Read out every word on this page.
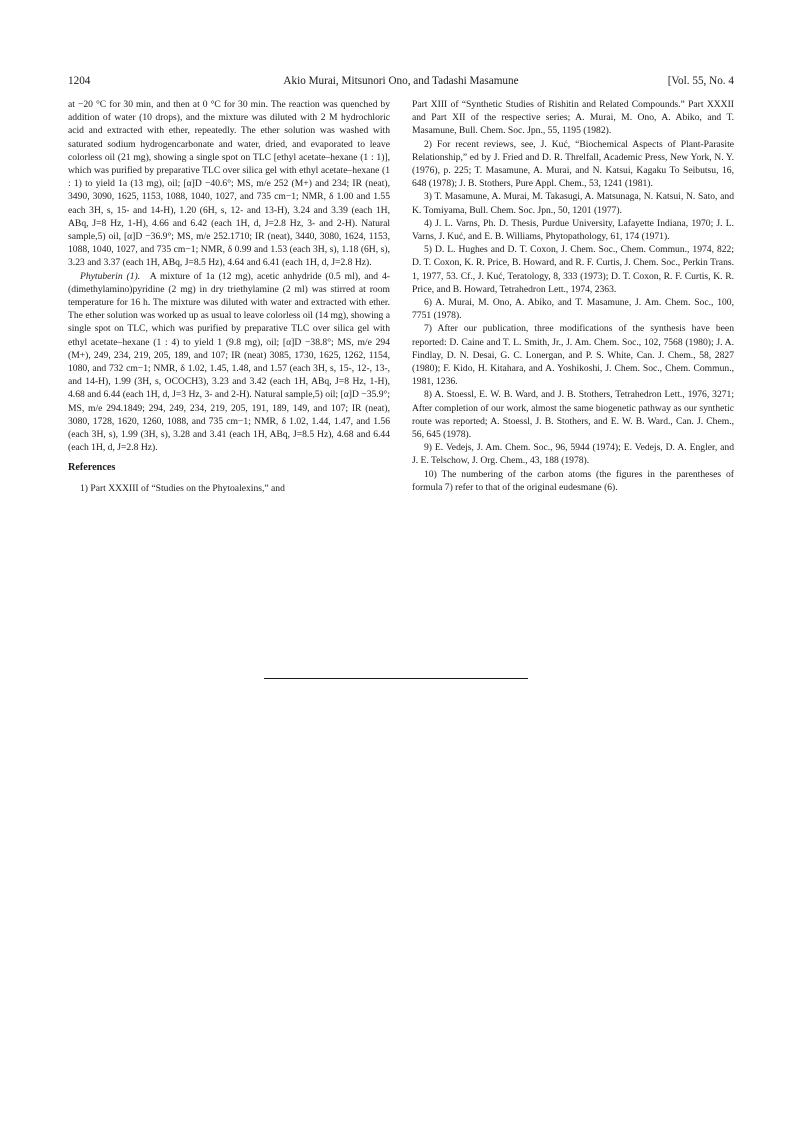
1204	Akio Murai, Mitsunori Ono, and Tadashi Masamune	[Vol. 55, No. 4

at −20 °C for 30 min, and then at 0 °C for 30 min. The reaction was quenched by addition of water (10 drops), and the mixture was diluted with 2 M hydrochloric acid and extracted with ether, repeatedly. The ether solution was washed with saturated sodium hydrogencarbonate and water, dried, and evaporated to leave colorless oil (21 mg), showing a single spot on TLC [ethyl acetate–hexane (1 : 1)], which was purified by preparative TLC over silica gel with ethyl acetate–hexane (1 : 1) to yield 1a (13 mg), oil; [α]D −40.6°; MS, m/e 252 (M+) and 234; IR (neat), 3490, 3090, 1625, 1153, 1088, 1040, 1027, and 735 cm−1; NMR, δ 1.00 and 1.55 each 3H, s, 15- and 14-H), 1.20 (6H, s, 12- and 13-H), 3.24 and 3.39 (each 1H, ABq, J=8 Hz, 1-H), 4.66 and 6.42 (each 1H, d, J=2.8 Hz, 3- and 2-H). Natural sample,5) oil, [α]D −36.9°; MS, m/e 252.1710; IR (neat), 3440, 3080, 1624, 1153, 1088, 1040, 1027, and 735 cm−1; NMR, δ 0.99 and 1.53 (each 3H, s), 1.18 (6H, s), 3.23 and 3.37 (each 1H, ABq, J=8.5 Hz), 4.64 and 6.41 (each 1H, d, J=2.8 Hz).

Phytuberin (1).  A mixture of 1a (12 mg), acetic anhydride (0.5 ml), and 4-(dimethylamino)pyridine (2 mg) in dry triethylamine (2 ml) was stirred at room temperature for 16 h. The mixture was diluted with water and extracted with ether. The ether solution was worked up as usual to leave colorless oil (14 mg), showing a single spot on TLC, which was purified by preparative TLC over silica gel with ethyl acetate–hexane (1 : 4) to yield 1 (9.8 mg), oil; [α]D −38.8°; MS, m/e 294 (M+), 249, 234, 219, 205, 189, and 107; IR (neat) 3085, 1730, 1625, 1262, 1154, 1080, and 732 cm−1; NMR, δ 1.02, 1.45, 1.48, and 1.57 (each 3H, s, 15-, 12-, 13-, and 14-H), 1.99 (3H, s, OCOCH3), 3.23 and 3.42 (each 1H, ABq, J=8 Hz, 1-H), 4.68 and 6.44 (each 1H, d, J=3 Hz, 3- and 2-H). Natural sample,5) oil; [α]D −35.9°; MS, m/e 294.1849; 294, 249, 234, 219, 205, 191, 189, 149, and 107; IR (neat), 3080, 1728, 1620, 1260, 1088, and 735 cm−1; NMR, δ 1.02, 1.44, 1.47, and 1.56 (each 3H, s), 1.99 (3H, s), 3.28 and 3.41 (each 1H, ABq, J=8.5 Hz), 4.68 and 6.44 (each 1H, d, J=2.8 Hz).

References

1) Part XXXIII of “Studies on the Phytoalexins,” and

Part XIII of “Synthetic Studies of Rishitin and Related Compounds.” Part XXXII and Part XII of the respective series; A. Murai, M. Ono, A. Abiko, and T. Masamune, Bull. Chem. Soc. Jpn., 55, 1195 (1982).

2) For recent reviews, see, J. Kuć, “Biochemical Aspects of Plant-Parasite Relationship,” ed by J. Fried and D. R. Threlfall, Academic Press, New York, N. Y. (1976), p. 225; T. Masamune, A. Murai, and N. Katsui, Kagaku To Seibutsu, 16, 648 (1978); J. B. Stothers, Pure Appl. Chem., 53, 1241 (1981).

3) T. Masamune, A. Murai, M. Takasugi, A. Matsunaga, N. Katsui, N. Sato, and K. Tomiyama, Bull. Chem. Soc. Jpn., 50, 1201 (1977).

4) J. L. Varns, Ph. D. Thesis, Purdue University, Lafayette Indiana, 1970; J. L. Varns, J. Kuć, and E. B. Williams, Phytopathology, 61, 174 (1971).

5) D. L. Hughes and D. T. Coxon, J. Chem. Soc., Chem. Commun., 1974, 822; D. T. Coxon, K. R. Price, B. Howard, and R. F. Curtis, J. Chem. Soc., Perkin Trans. 1, 1977, 53. Cf., J. Kuć, Teratology, 8, 333 (1973); D. T. Coxon, R. F. Curtis, K. R. Price, and B. Howard, Tetrahedron Lett., 1974, 2363.

6) A. Murai, M. Ono, A. Abiko, and T. Masamune, J. Am. Chem. Soc., 100, 7751 (1978).

7) After our publication, three modifications of the synthesis have been reported: D. Caine and T. L. Smith, Jr., J. Am. Chem. Soc., 102, 7568 (1980); J. A. Findlay, D. N. Desai, G. C. Lonergan, and P. S. White, Can. J. Chem., 58, 2827 (1980); F. Kido, H. Kitahara, and A. Yoshikoshi, J. Chem. Soc., Chem. Commun., 1981, 1236.

8) A. Stoessl, E. W. B. Ward, and J. B. Stothers, Tetrahedron Lett., 1976, 3271; After completion of our work, almost the same biogenetic pathway as our synthetic route was reported; A. Stoessl, J. B. Stothers, and E. W. B. Ward., Can. J. Chem., 56, 645 (1978).

9) E. Vedejs, J. Am. Chem. Soc., 96, 5944 (1974); E. Vedejs, D. A. Engler, and J. E. Telschow, J. Org. Chem., 43, 188 (1978).

10) The numbering of the carbon atoms (the figures in the parentheses of formula 7) refer to that of the original eudesmane (6).
